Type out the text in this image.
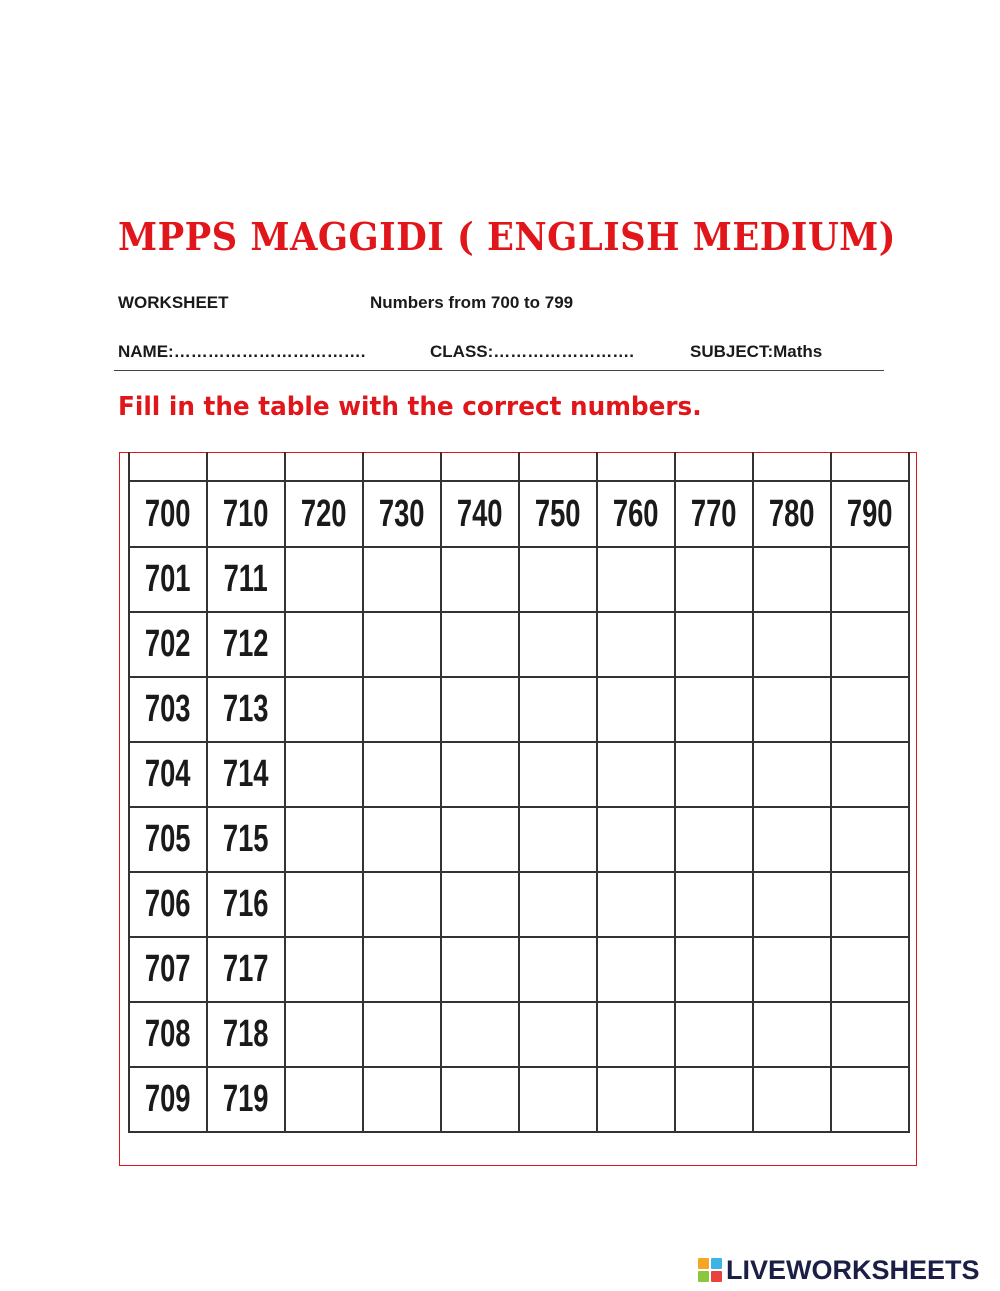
MPPS MAGGIDI ( ENGLISH MEDIUM)
WORKSHEET	Numbers from 700 to 799
NAME:…………………………….	CLASS:…………………….	SUBJECT:Maths

Fill in the table with the correct numbers.

700	710	720	730	740	750	760	770	780	790
701	711								
702	712								
703	713								
704	714								
705	715								
706	716								
707	717								
708	718								
709	719								
LIVEWORKSHEETS
